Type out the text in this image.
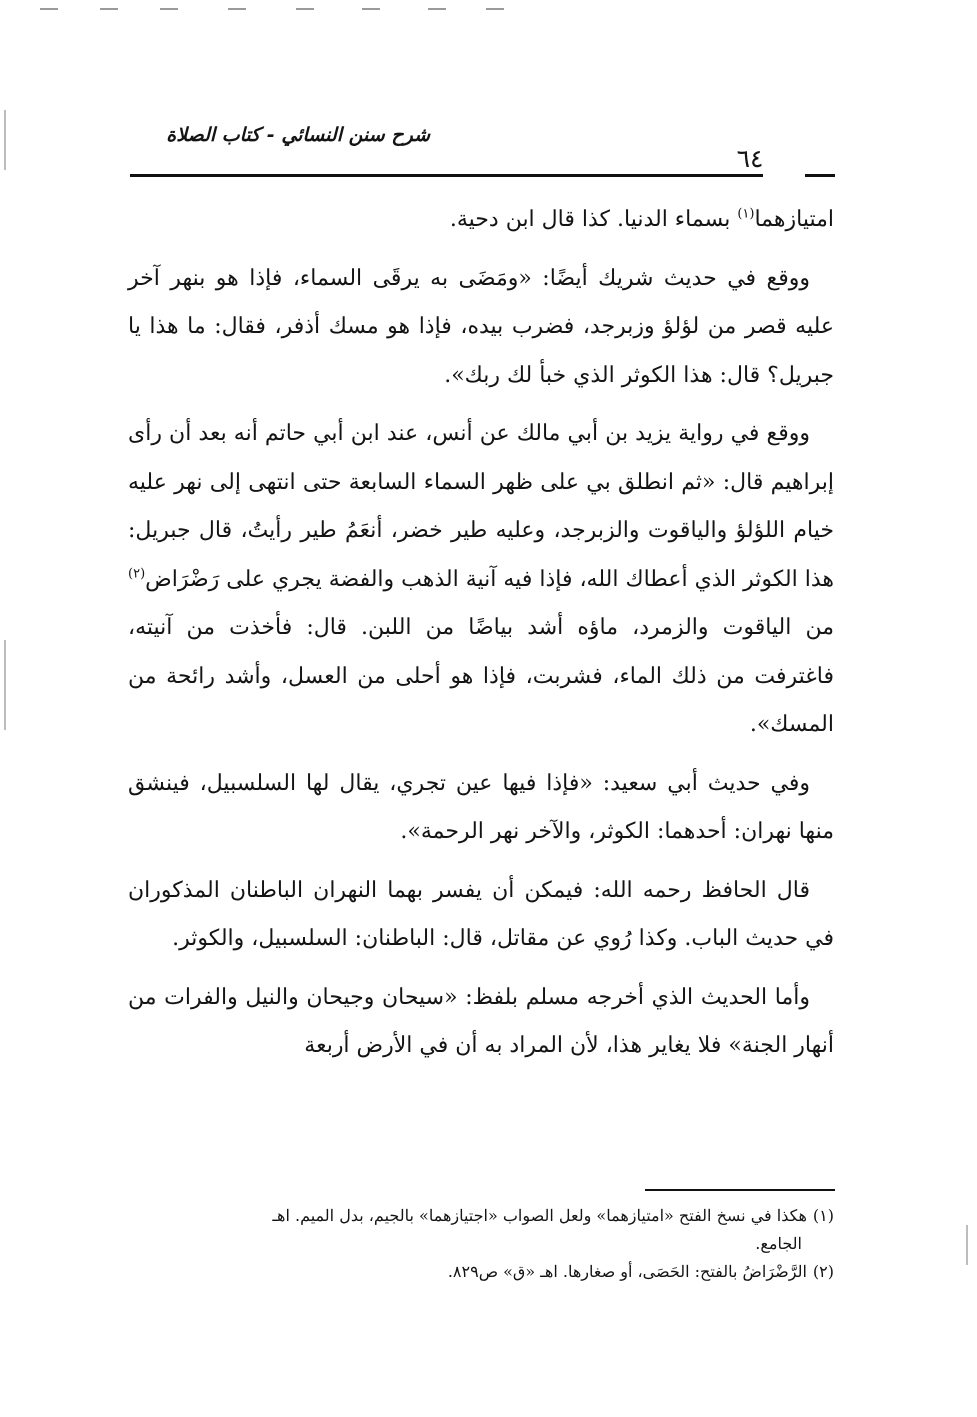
شرح سنن النسائي - كتاب الصلاة
٦٤

امتيازهما$^{(١)}$ بسماء الدنيا. كذا قال ابن دحية.

ووقع في حديث شريك أيضًا: «ومَضَى به يرقَى السماء، فإذا هو بنهر آخر عليه قصر من لؤلؤ وزبرجد، فضرب بيده، فإذا هو مسك أذفر، فقال: ما هذا يا جبريل؟ قال: هذا الكوثر الذي خبأ لك ربك».

ووقع في رواية يزيد بن أبي مالك عن أنس، عند ابن أبي حاتم أنه بعد أن رأى إبراهيم قال: «ثم انطلق بي على ظهر السماء السابعة حتى انتهى إلى نهر عليه خيام اللؤلؤ والياقوت والزبرجد، وعليه طير خضر، أنعَمُ طير رأيتُ، قال جبريل: هذا الكوثر الذي أعطاك الله، فإذا فيه آنية الذهب والفضة يجري على رَضْرَاض$^{(٢)}$ من الياقوت والزمرد، ماؤه أشد بياضًا من اللبن. قال: فأخذت من آنيته، فاغترفت من ذلك الماء، فشربت، فإذا هو أحلى من العسل، وأشد رائحة من المسك».

وفي حديث أبي سعيد: «فإذا فيها عين تجري، يقال لها السلسبيل، فينشق منها نهران: أحدهما: الكوثر، والآخر نهر الرحمة».

قال الحافظ رحمه الله: فيمكن أن يفسر بهما النهران الباطنان المذكوران في حديث الباب. وكذا رُوي عن مقاتل، قال: الباطنان: السلسبيل، والكوثر.

وأما الحديث الذي أخرجه مسلم بلفظ: «سيحان وجيحان والنيل والفرات من أنهار الجنة» فلا يغاير هذا، لأن المراد به أن في الأرض أربعة

(١)هكذا في نسخ الفتح «امتيازهما» ولعل الصواب «اجتيازهما» بالجيم، بدل الميم. اهـ

الجامع.

(٢)الرَّضْرَاضُ بالفتح: الحَصَى، أو صغارها. اهـ «ق» ص٨٢٩.
